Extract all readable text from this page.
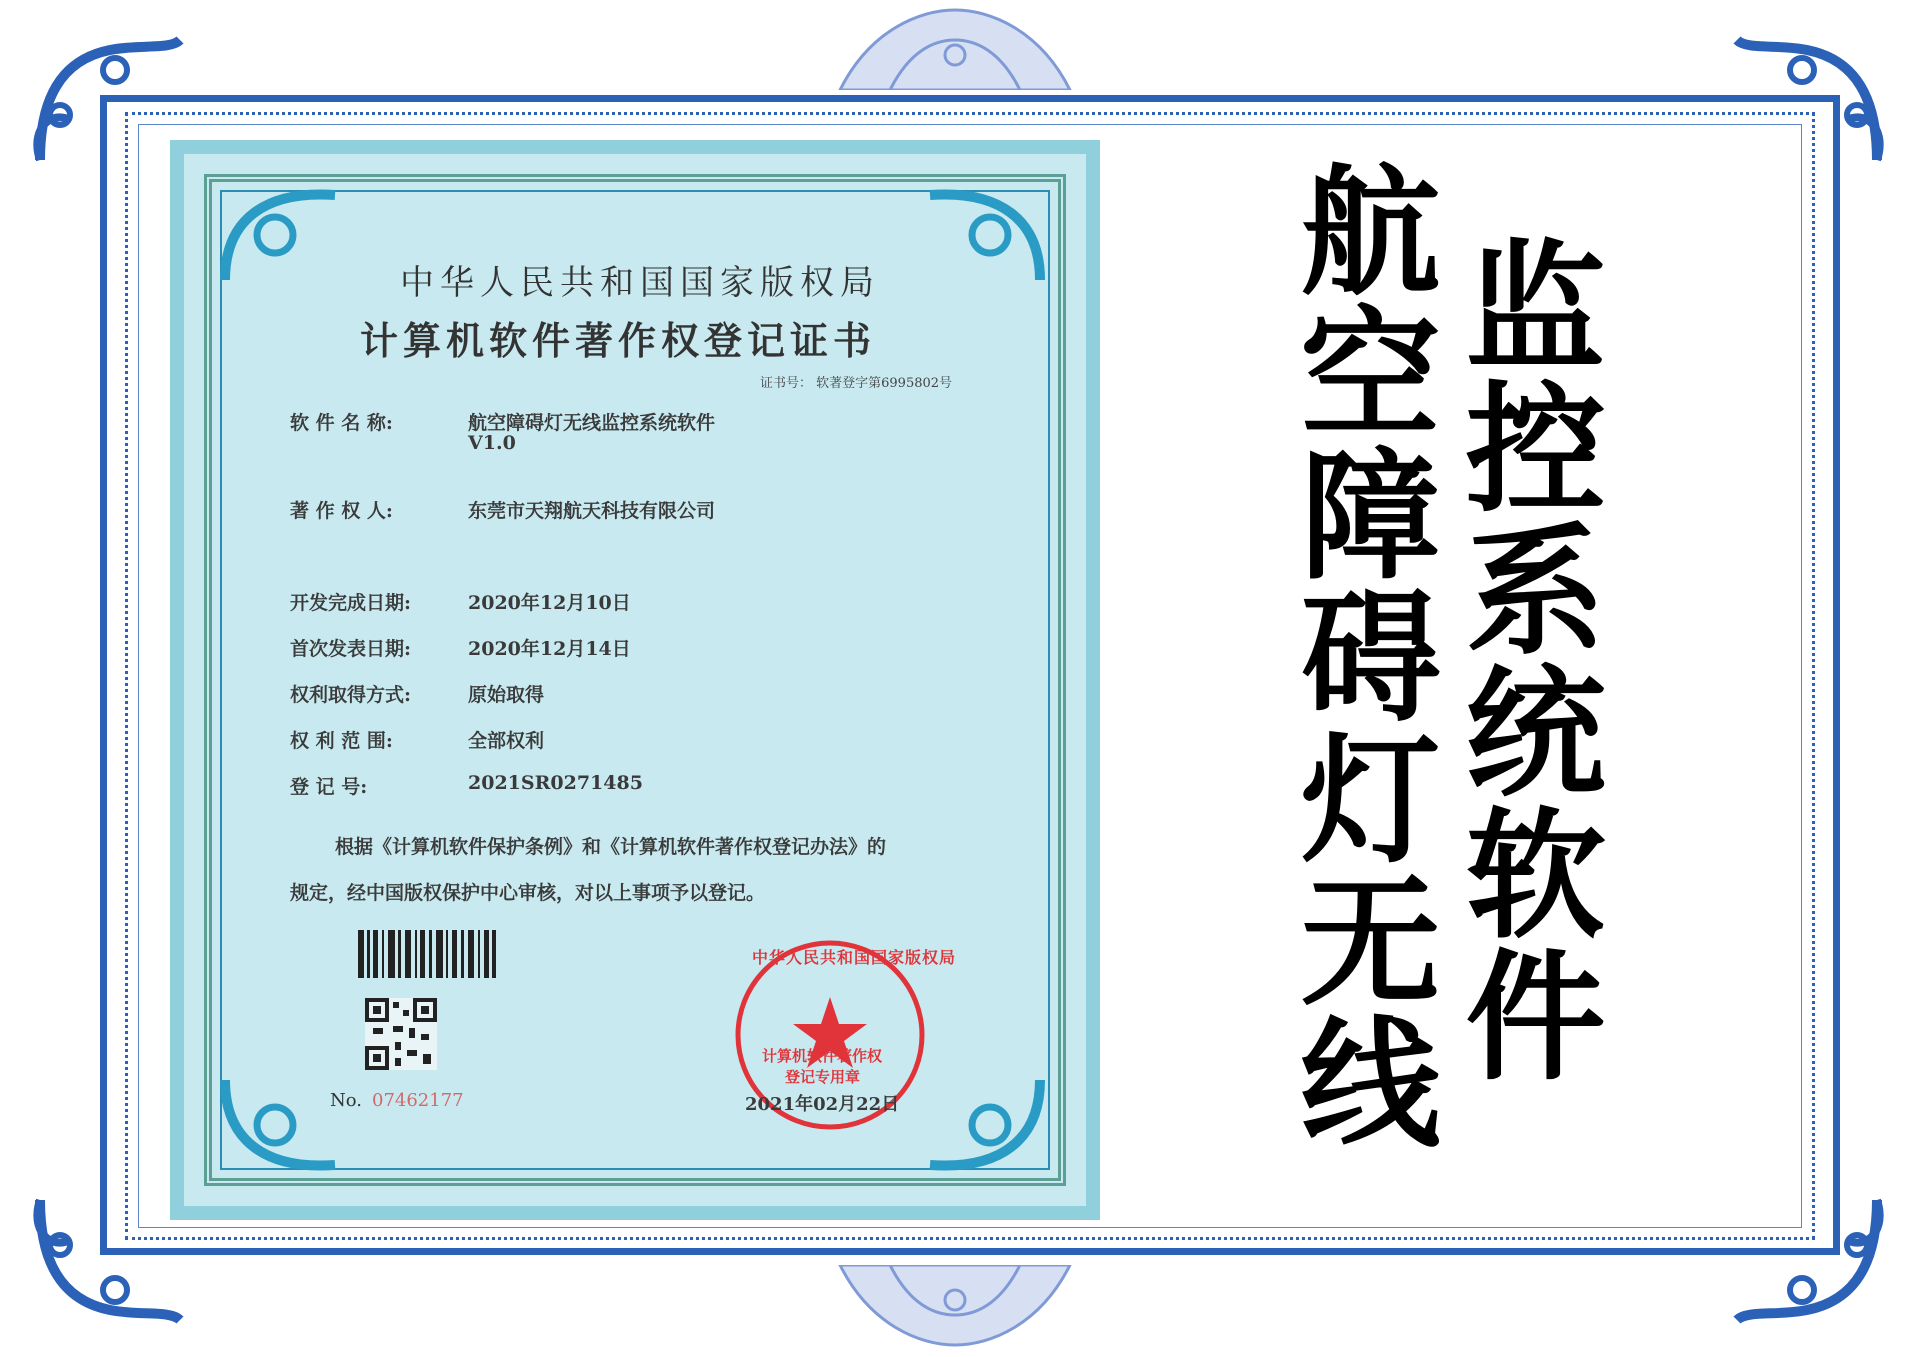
中华人民共和国国家版权局
计算机软件著作权登记证书
证书号： 软著登字第6995802号
软 件 名 称:	航空障碍灯无线监控系统软件
V1.0
著 作 权 人:	东莞市天翔航天科技有限公司
开发完成日期:	2020年12月10日
首次发表日期:	2020年12月14日
权利取得方式:	原始取得
权 利 范 围:	全部权利
登 记 号:	2021SR0271485
根据《计算机软件保护条例》和《计算机软件著作权登记办法》的
规定，经中国版权保护中心审核，对以上事项予以登记。
No. 07462177
中华人民共和国国家版权局
计算机软件著作权
登记专用章
2021年02月22日	航空障碍灯无线 监控系统软件
